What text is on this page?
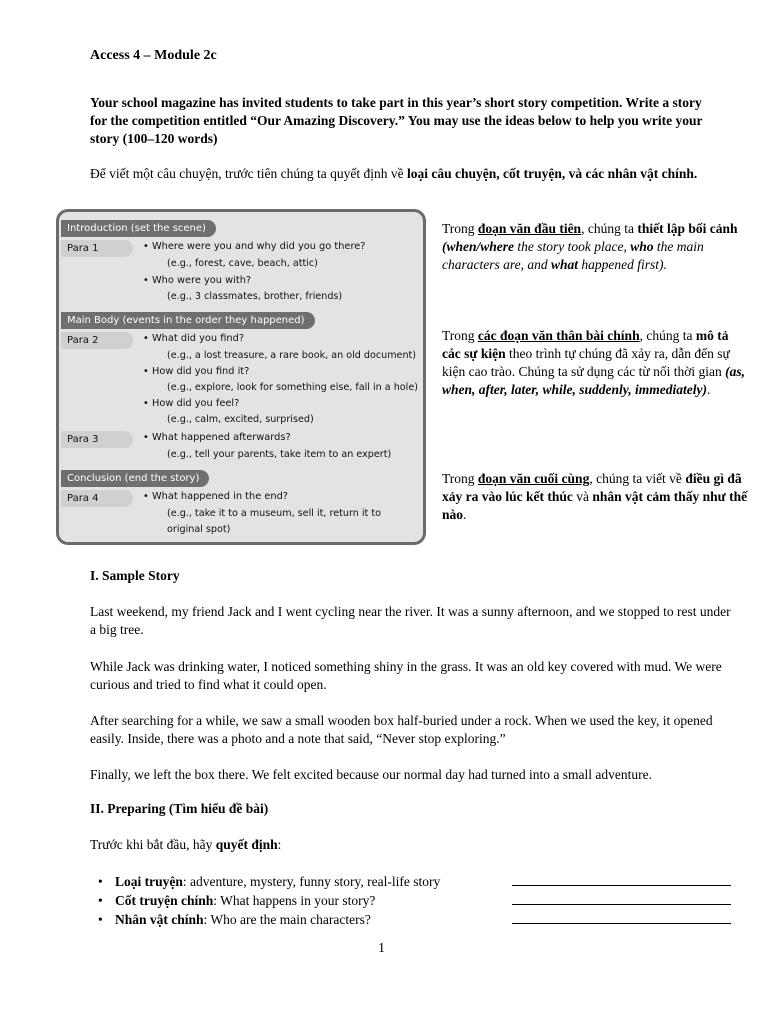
Access 4 – Module 2c
Your school magazine has invited students to take part in this year’s short story competition. Write a story for the competition entitled “Our Amazing Discovery.” You may use the ideas below to help you write your story (100–120 words)
Để viết một câu chuyện, trước tiên chúng ta quyết định về loại câu chuyện, cốt truyện, và các nhân vật chính.
Introduction (set the scene)
Para 1	• Where were you and why did you go there?
(e.g., forest, cave, beach, attic)
• Who were you with?
(e.g., 3 classmates, brother, friends)
Main Body (events in the order they happened)
Para 2	• What did you find?
(e.g., a lost treasure, a rare book, an old document)
• How did you find it?
(e.g., explore, look for something else, fall in a hole)
• How did you feel?
(e.g., calm, excited, surprised)
Para 3	• What happened afterwards?
(e.g., tell your parents, take item to an expert)
Conclusion (end the story)
Para 4	• What happened in the end?
(e.g., take it to a museum, sell it, return it to
original spot)
Trong đoạn văn đầu tiên, chúng ta thiết lập bối cảnh (when/where the story took place, who the main characters are, and what happened first).
Trong các đoạn văn thân bài chính, chúng ta mô tả các sự kiện theo trình tự chúng đã xảy ra, dẫn đến sự kiện cao trào. Chúng ta sử dụng các từ nối thời gian (as, when, after, later, while, suddenly, immediately).
Trong đoạn văn cuối cùng, chúng ta viết về điều gì đã xảy ra vào lúc kết thúc và nhân vật cảm thấy như thế nào.
I. Sample Story
Last weekend, my friend Jack and I went cycling near the river. It was a sunny afternoon, and we stopped to rest under a big tree.
While Jack was drinking water, I noticed something shiny in the grass. It was an old key covered with mud. We were curious and tried to find what it could open.
After searching for a while, we saw a small wooden box half-buried under a rock. When we used the key, it opened easily. Inside, there was a photo and a note that said, “Never stop exploring.”
Finally, we left the box there. We felt excited because our normal day had turned into a small adventure.
II. Preparing (Tìm hiểu đề bài)
Trước khi bắt đầu, hãy quyết định:
• Loại truyện: adventure, mystery, funny story, real-life story
• Cốt truyện chính: What happens in your story?
• Nhân vật chính: Who are the main characters?
1
